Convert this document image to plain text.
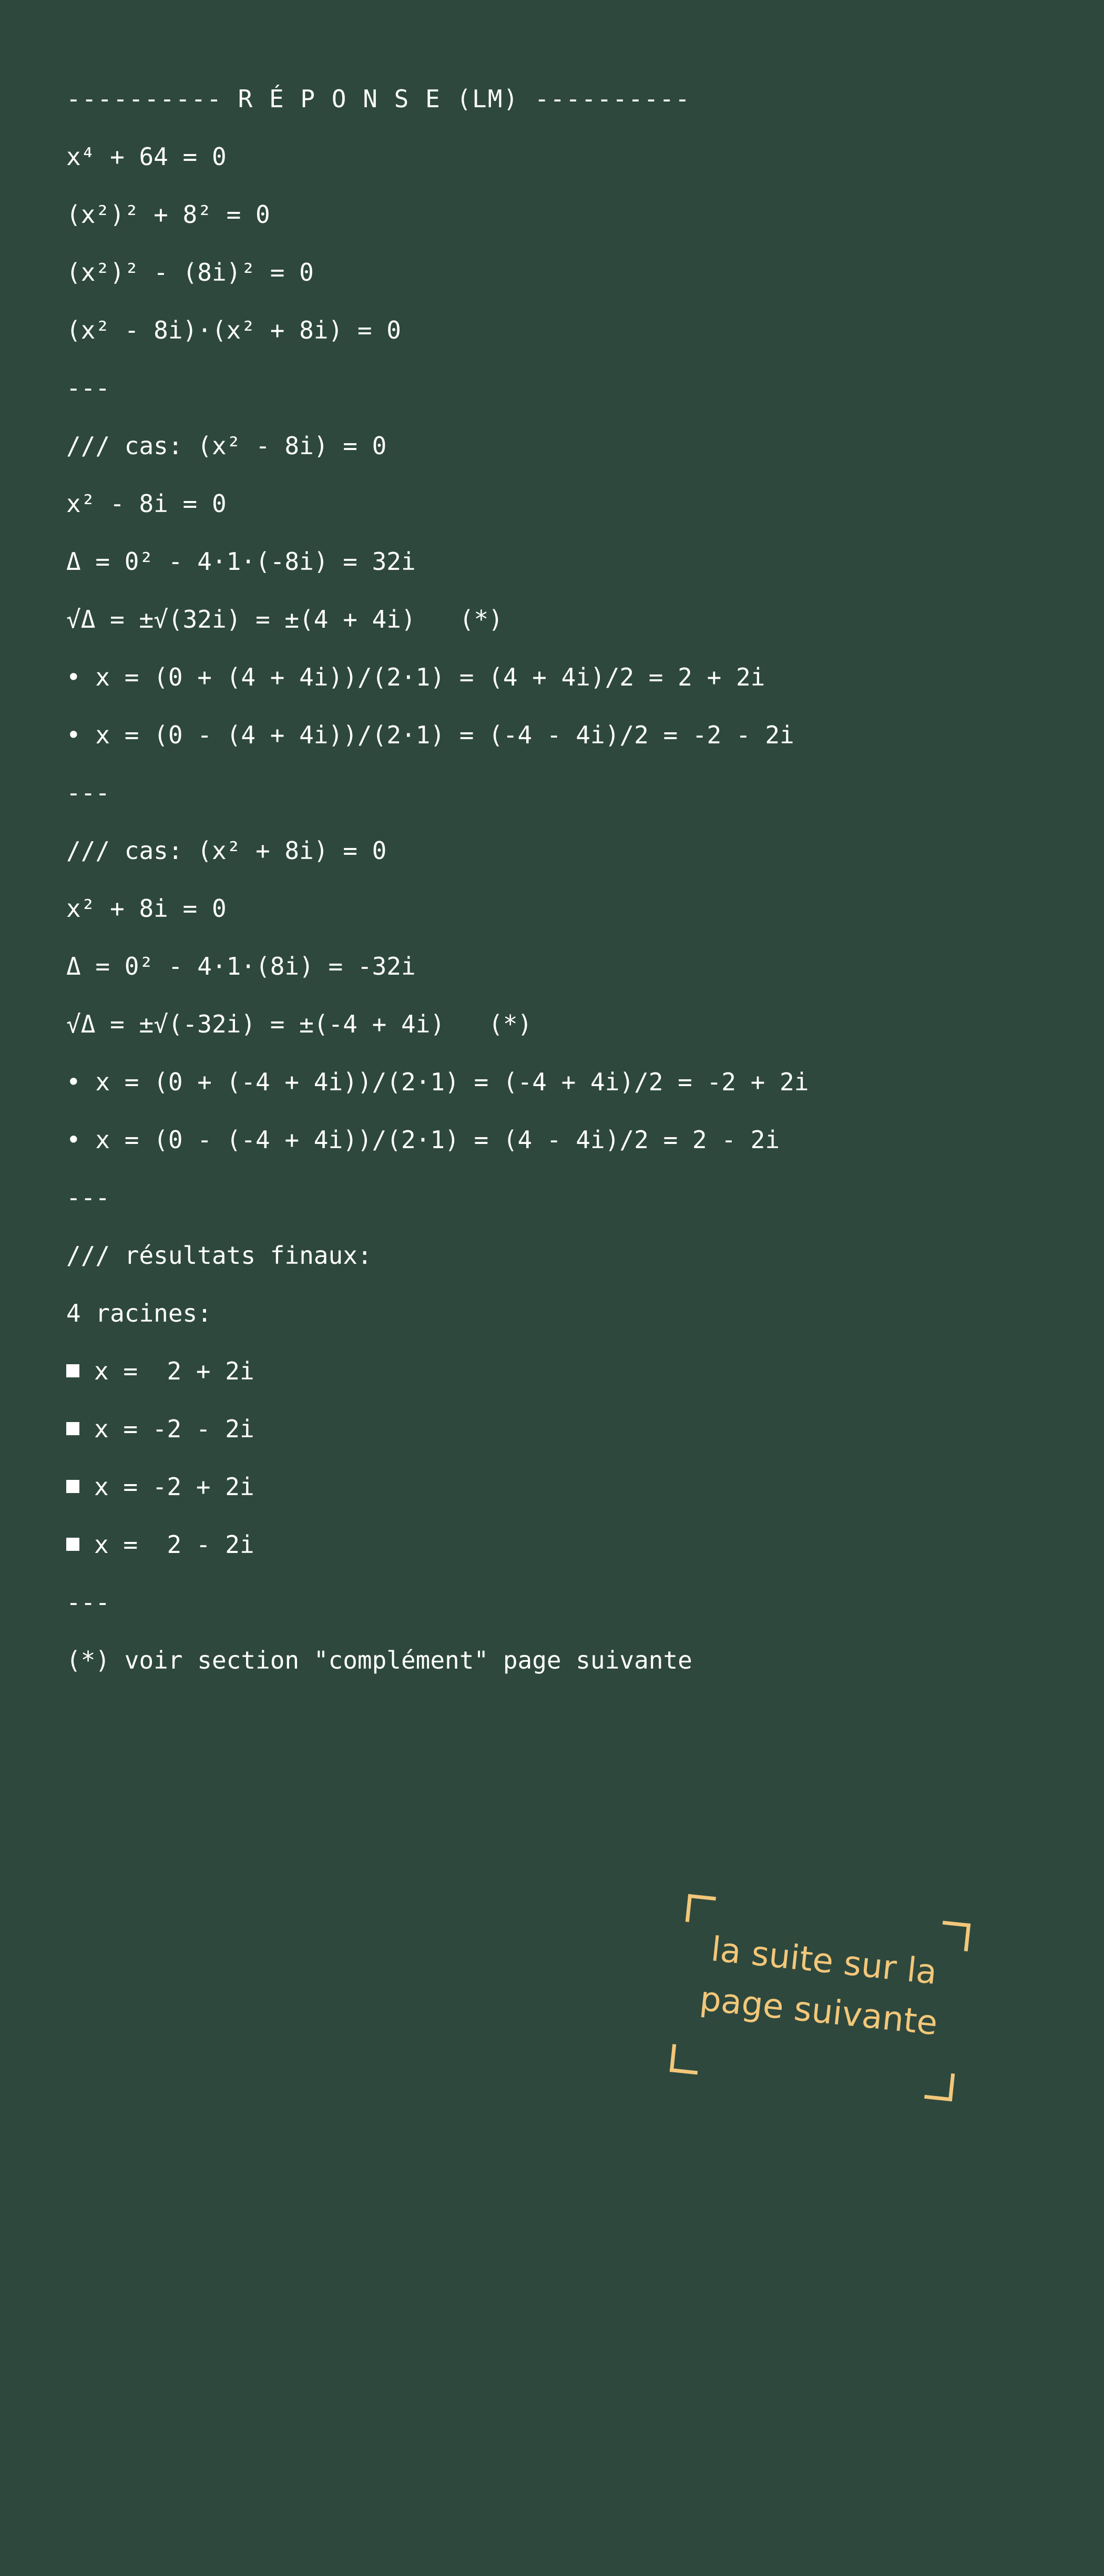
---------- R É P O N S E (LM) ----------
x⁴ + 64 = 0
(x²)² + 8² = 0
(x²)² - (8i)² = 0
(x² - 8i)·(x² + 8i) = 0
---
/// cas: (x² - 8i) = 0
x² - 8i = 0
Δ = 0² - 4·1·(-8i) = 32i
√Δ = ±√(32i) = ±(4 + 4i)   (*)
• x = (0 + (4 + 4i))/(2·1) = (4 + 4i)/2 = 2 + 2i
• x = (0 - (4 + 4i))/(2·1) = (-4 - 4i)/2 = -2 - 2i
---
/// cas: (x² + 8i) = 0
x² + 8i = 0
Δ = 0² - 4·1·(8i) = -32i
√Δ = ±√(-32i) = ±(-4 + 4i)   (*)
• x = (0 + (-4 + 4i))/(2·1) = (-4 + 4i)/2 = -2 + 2i
• x = (0 - (-4 + 4i))/(2·1) = (4 - 4i)/2 = 2 - 2i
---
/// résultats finaux:
4 racines:
x =  2 + 2i
x = -2 - 2i
x = -2 + 2i
x =  2 - 2i
---
(*) voir section "complément" page suivante
la suite sur la
page suivante
